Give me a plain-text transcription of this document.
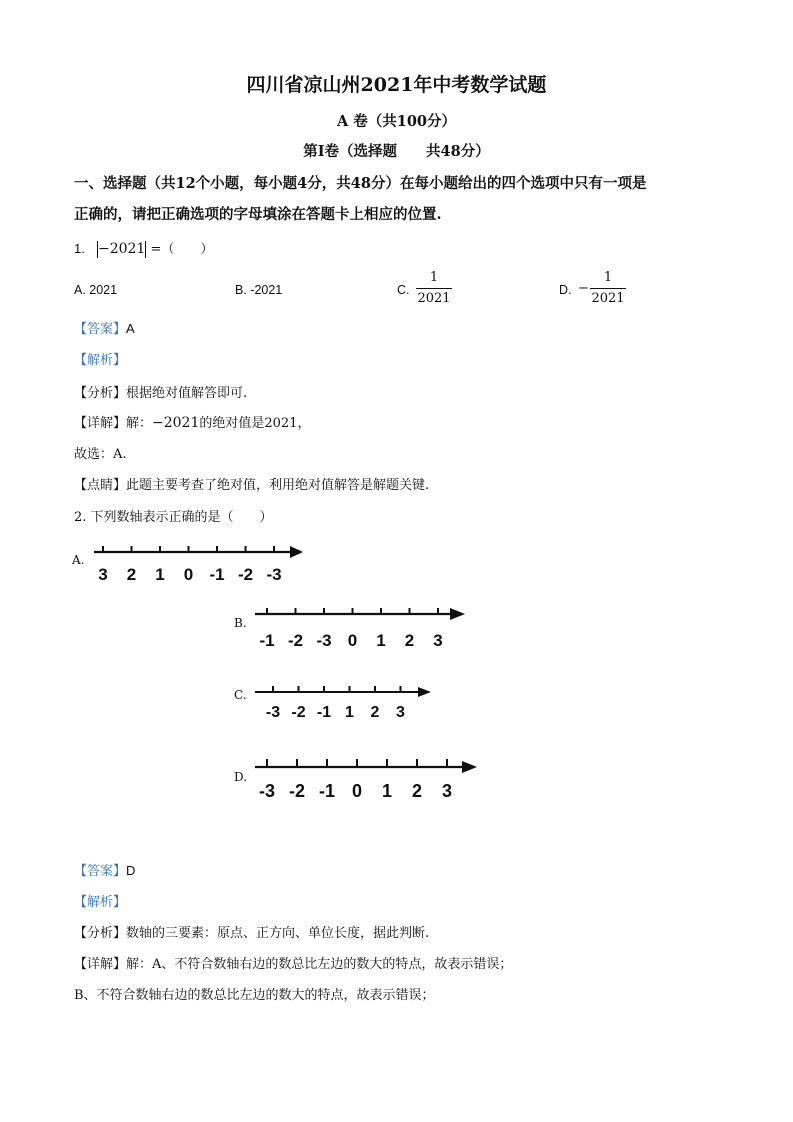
四川省凉山州2021年中考数学试题
A 卷（共100分）
第I卷（选择题　　共48分）
一、选择题（共12个小题，每小题4分，共48分）在每小题给出的四个选项中只有一项是
正确的，请把正确选项的字母填涂在答题卡上相应的位置.
1. −2021 =（　　）
A. 2021	B. -2021	C.
1
2021
D. −
1
2021
【答案】A
【解析】
【分析】根据绝对值解答即可.
【详解】解：−2021的绝对值是2021，
故选：A.
【点睛】此题主要考查了绝对值，利用绝对值解答是解题关键.
2. 下列数轴表示正确的是（　　）
A.
3 2 1 0 -1 -2 -3
B.
-1 -2 -3 0 1 2 3
C.
-3 -2 -1 1 2 3
D.
-3 -2 -1 0 1 2 3
【答案】D
【解析】
【分析】数轴的三要素：原点、正方向、单位长度，据此判断.
【详解】解：A、不符合数轴右边的数总比左边的数大的特点，故表示错误；
B、不符合数轴右边的数总比左边的数大的特点，故表示错误；
